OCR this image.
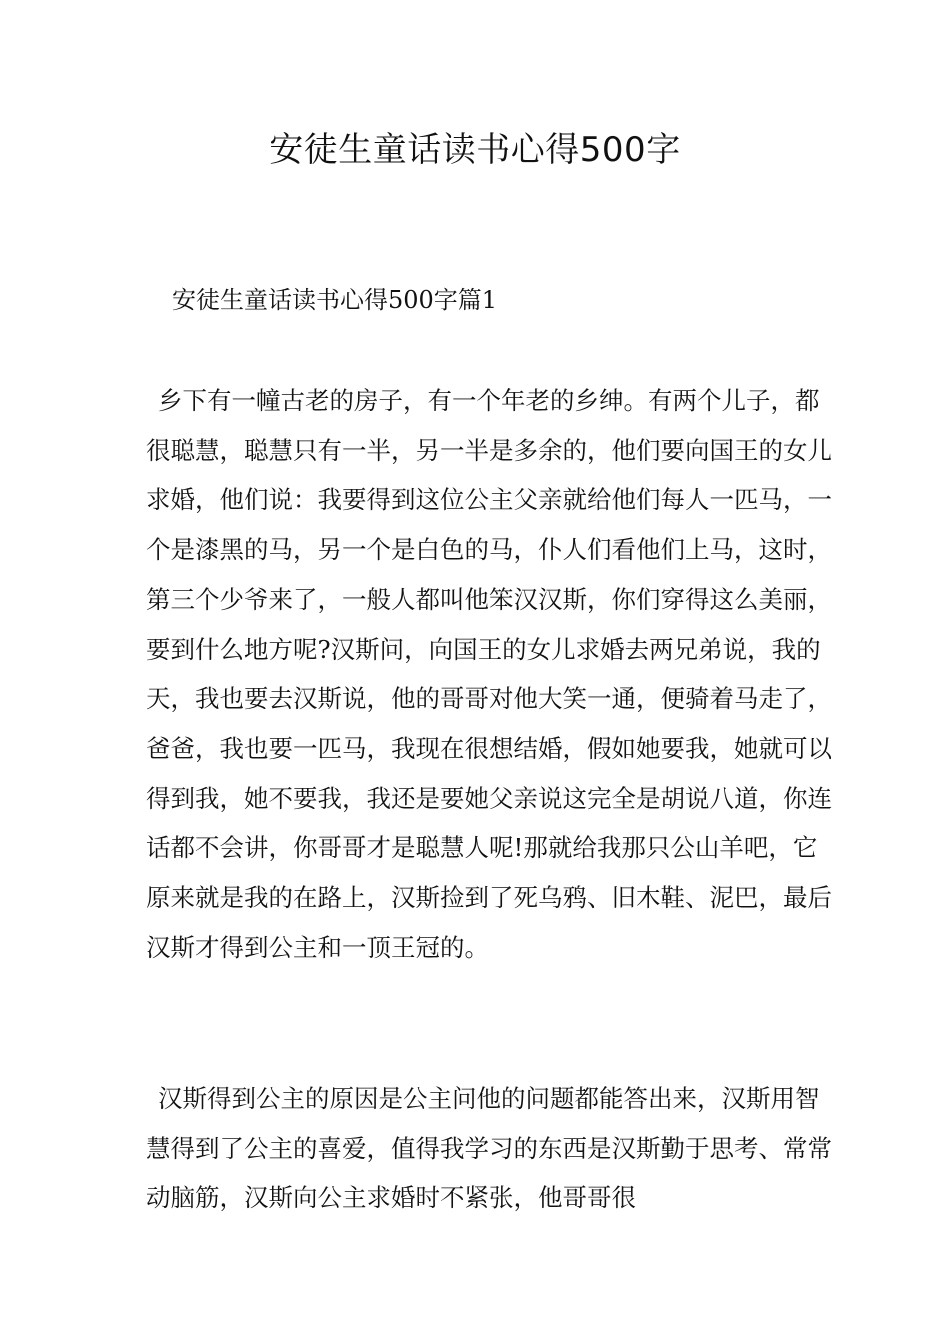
安徒生童话读书心得500字
安徒生童话读书心得500字篇1

乡下有一幢古老的房子，有一个年老的乡绅。有两个儿子，都很聪慧，聪慧只有一半，另一半是多余的，他们要向国王的女儿求婚，他们说：我要得到这位公主父亲就给他们每人一匹马，一个是漆黑的马，另一个是白色的马，仆人们看他们上马，这时，第三个少爷来了，一般人都叫他笨汉汉斯，你们穿得这么美丽，要到什么地方呢?汉斯问，向国王的女儿求婚去两兄弟说，我的天，我也要去汉斯说，他的哥哥对他大笑一通，便骑着马走了，爸爸，我也要一匹马，我现在很想结婚，假如她要我，她就可以得到我，她不要我，我还是要她父亲说这完全是胡说八道，你连话都不会讲，你哥哥才是聪慧人呢!那就给我那只公山羊吧，它原来就是我的在路上，汉斯捡到了死乌鸦、旧木鞋、泥巴，最后汉斯才得到公主和一顶王冠的。

汉斯得到公主的原因是公主问他的问题都能答出来，汉斯用智慧得到了公主的喜爱，值得我学习的东西是汉斯勤于思考、常常动脑筋，汉斯向公主求婚时不紧张，他哥哥很
